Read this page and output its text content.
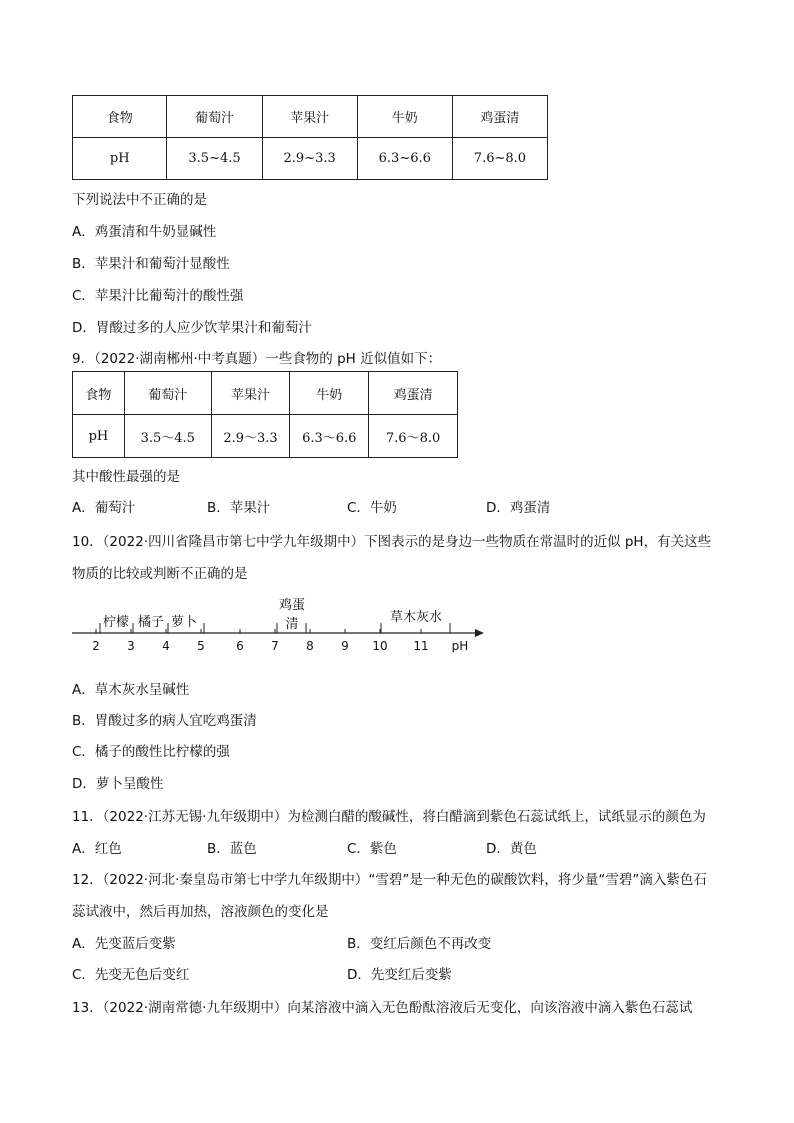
食物	葡萄汁	苹果汁	牛奶	鸡蛋清
pH	3.5~4.5	2.9~3.3	6.3~6.6	7.6~8.0
下列说法中不正确的是
A．鸡蛋清和牛奶显碱性
B．苹果汁和葡萄汁显酸性
C．苹果汁比葡萄汁的酸性强
D．胃酸过多的人应少饮苹果汁和葡萄汁
9．（2022·湖南郴州·中考真题）一些食物的 pH 近似值如下：
食物	葡萄汁	苹果汁	牛奶	鸡蛋清
pH	3.5～4.5	2.9～3.3	6.3～6.6	7.6～8.0
其中酸性最强的是
A．葡萄汁	B．苹果汁	C．牛奶	D．鸡蛋清
10．（2022·四川省隆昌市第七中学九年级期中）下图表示的是身边一些物质在常温时的近似 pH，有关这些
物质的比较或判断不正确的是
2 3 4 5	6 7 8 9 10 11 pH
柠檬 橘子 萝卜
鸡蛋
清	草木灰水
A．草木灰水呈碱性
B．胃酸过多的病人宜吃鸡蛋清
C．橘子的酸性比柠檬的强
D．萝卜呈酸性
11．（2022·江苏无锡·九年级期中）为检测白醋的酸碱性，将白醋滴到紫色石蕊试纸上，试纸显示的颜色为
A．红色	B．蓝色	C．紫色	D．黄色
12．（2022·河北·秦皇岛市第七中学九年级期中）“雪碧”是一种无色的碳酸饮料，将少量“雪碧”滴入紫色石
蕊试液中，然后再加热，溶液颜色的变化是
A．先变蓝后变紫	B．变红后颜色不再改变
C．先变无色后变红	D．先变红后变紫
13．（2022·湖南常德·九年级期中）向某溶液中滴入无色酚酞溶液后无变化，向该溶液中滴入紫色石蕊试
